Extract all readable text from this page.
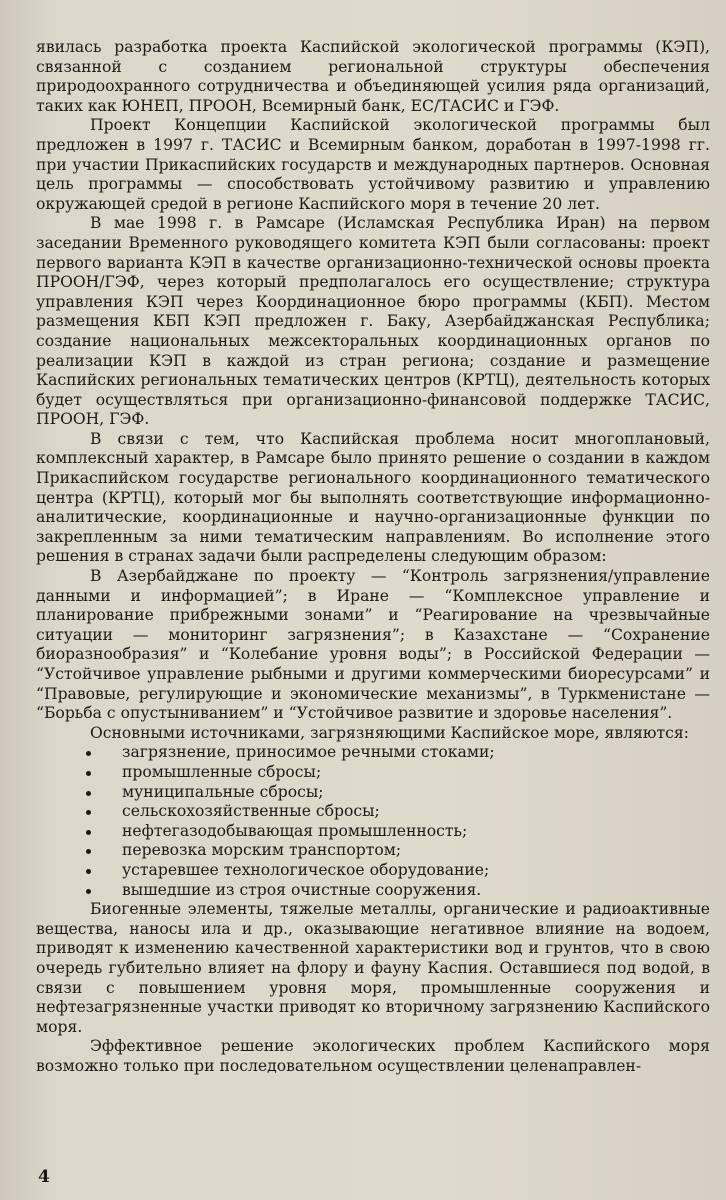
явилась разработка проекта Каспийской экологической программы (КЭП), связанной с созданием региональной структуры обеспечения природоохранного сотрудничества и объединяющей усилия ряда организаций, таких как ЮНЕП, ПРООН, Всемирный банк, ЕС/ТАСИС и ГЭФ.

Проект Концепции Каспийской экологической программы был предложен в 1997 г. ТАСИС и Всемирным банком, доработан в 1997-1998 гг. при участии Прикаспийских государств и международных партнеров. Основная цель программы — способствовать устойчивому развитию и управлению окружающей средой в регионе Каспийского моря в течение 20 лет.

В мае 1998 г. в Рамсаре (Исламская Республика Иран) на первом заседании Временного руководящего комитета КЭП были согласованы: проект первого варианта КЭП в качестве организационно-технической основы проекта ПРООН/ГЭФ, через который предполагалось его осуществление; структура управления КЭП через Координационное бюро программы (КБП). Местом размещения КБП КЭП предложен г. Баку, Азербайджанская Республика; создание национальных межсекторальных координационных органов по реализации КЭП в каждой из стран региона; создание и размещение Каспийских региональных тематических центров (КРТЦ), деятельность которых будет осуществляться при организационно-финансовой поддержке ТАСИС, ПРООН, ГЭФ.

В связи с тем, что Каспийская проблема носит многоплановый, комплексный характер, в Рамсаре было принято решение о создании в каждом Прикаспийском государстве регионального координационного тематического центра (КРТЦ), который мог бы выполнять соответствующие информационно-аналитические, координационные и научно-организационные функции по закрепленным за ними тематическим направлениям. Во исполнение этого решения в странах задачи были распределены следующим образом:

В Азербайджане по проекту — “Контроль загрязнения/управление данными и информацией”; в Иране — “Комплексное управление и планирование прибрежными зонами” и “Реагирование на чрезвычайные ситуации — мониторинг загрязнения”; в Казахстане — “Сохранение биоразнообразия” и “Колебание уровня воды”; в Российской Федерации — “Устойчивое управление рыбными и другими коммерческими биоресурсами” и “Правовые, регулирующие и экономические механизмы”, в Туркменистане — “Борьба с опустыниванием” и “Устойчивое развитие и здоровье населения”.

Основными источниками, загрязняющими Каспийское море, являются:

загрязнение, приносимое речными стоками;
промышленные сбросы;
муниципальные сбросы;
сельскохозяйственные сбросы;
нефтегазодобывающая промышленность;
перевозка морским транспортом;
устаревшее технологическое оборудование;
вышедшие из строя очистные сооружения.

Биогенные элементы, тяжелые металлы, органические и радиоактивные вещества, наносы ила и др., оказывающие негативное влияние на водоем, приводят к изменению качественной характеристики вод и грунтов, что в свою очередь губительно влияет на флору и фауну Каспия. Оставшиеся под водой, в связи с повышением уровня моря, промышленные сооружения и нефтезагрязненные участки приводят ко вторичному загрязнению Каспийского моря.

Эффективное решение экологических проблем Каспийского моря возможно только при последовательном осуществлении целенаправлен-

4
